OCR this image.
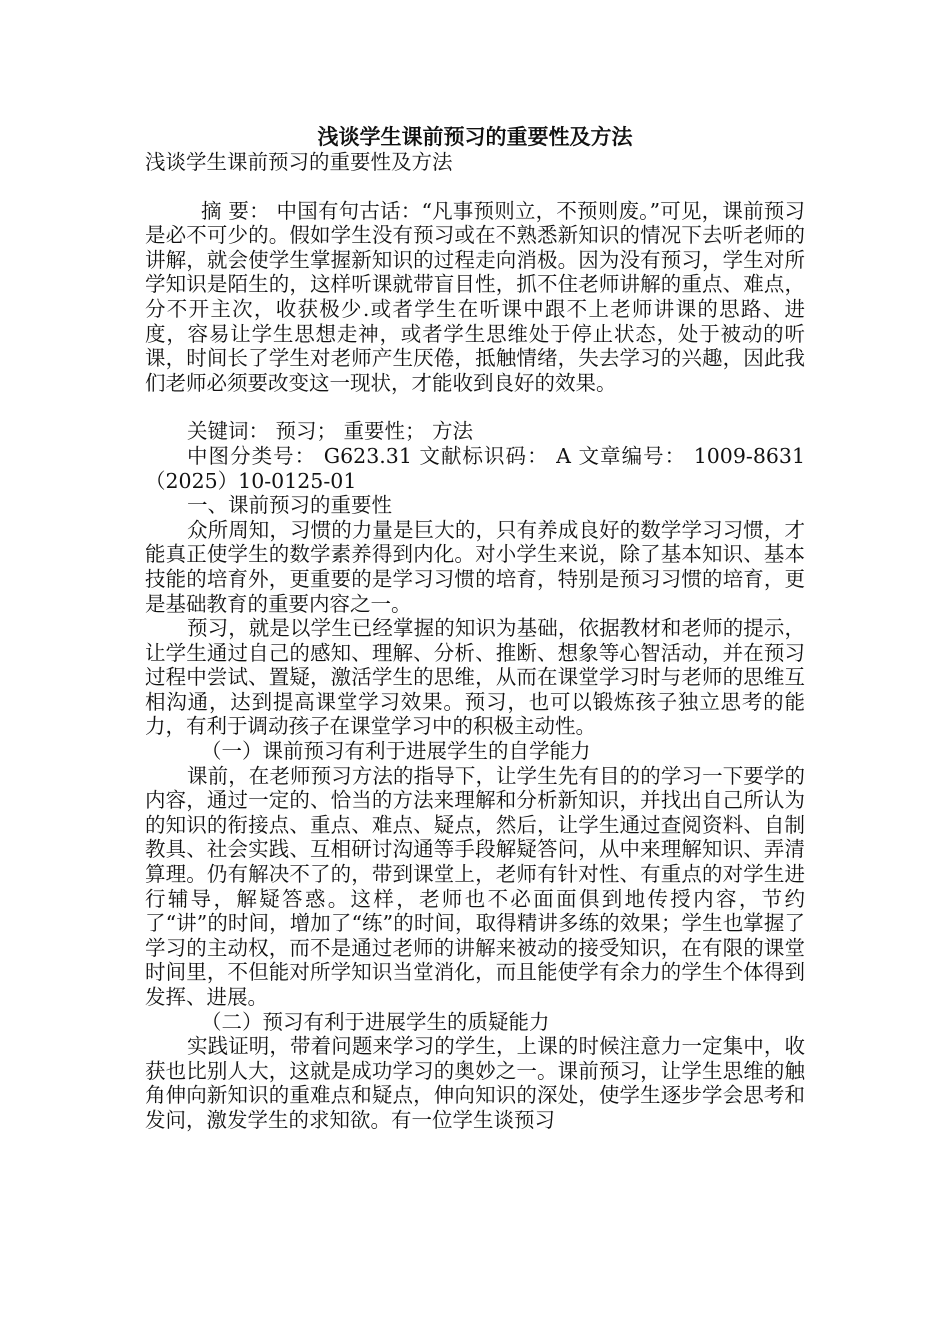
浅谈学生课前预习的重要性及方法

浅谈学生课前预习的重要性及方法

摘 要： 中国有句古话：“凡事预则立，不预则废。”可见，课前预习是必不可少的。假如学生没有预习或在不熟悉新知识的情况下去听老师的讲解，就会使学生掌握新知识的过程走向消极。因为没有预习，学生对所学知识是陌生的，这样听课就带盲目性，抓不住老师讲解的重点、难点，分不开主次，收获极少.或者学生在听课中跟不上老师讲课的思路、进度，容易让学生思想走神，或者学生思维处于停止状态，处于被动的听课，时间长了学生对老师产生厌倦，抵触情绪，失去学习的兴趣，因此我们老师必须要改变这一现状，才能收到良好的效果。

关键词： 预习； 重要性； 方法

中图分类号： G623.31 文献标识码： A 文章编号： 1009-8631（2025）10-0125-01

一、课前预习的重要性

众所周知，习惯的力量是巨大的，只有养成良好的数学学习习惯，才能真正使学生的数学素养得到内化。对小学生来说，除了基本知识、基本技能的培育外，更重要的是学习习惯的培育，特别是预习习惯的培育，更是基础教育的重要内容之一。

预习，就是以学生已经掌握的知识为基础，依据教材和老师的提示，让学生通过自己的感知、理解、分析、推断、想象等心智活动，并在预习过程中尝试、置疑，激活学生的思维，从而在课堂学习时与老师的思维互相沟通，达到提高课堂学习效果。预习，也可以锻炼孩子独立思考的能力，有利于调动孩子在课堂学习中的积极主动性。

（一）课前预习有利于进展学生的自学能力

课前，在老师预习方法的指导下，让学生先有目的的学习一下要学的内容，通过一定的、恰当的方法来理解和分析新知识，并找出自己所认为的知识的衔接点、重点、难点、疑点，然后，让学生通过查阅资料、自制教具、社会实践、互相研讨沟通等手段解疑答问，从中来理解知识、弄清算理。仍有解决不了的，带到课堂上，老师有针对性、有重点的对学生进行辅导，解疑答惑。这样，老师也不必面面俱到地传授内容，节约了“讲”的时间，增加了“练”的时间，取得精讲多练的效果；学生也掌握了学习的主动权，而不是通过老师的讲解来被动的接受知识，在有限的课堂时间里，不但能对所学知识当堂消化，而且能使学有余力的学生个体得到发挥、进展。

（二）预习有利于进展学生的质疑能力

实践证明，带着问题来学习的学生，上课的时候注意力一定集中，收获也比别人大，这就是成功学习的奥妙之一。课前预习，让学生思维的触角伸向新知识的重难点和疑点，伸向知识的深处，使学生逐步学会思考和发问，激发学生的求知欲。有一位学生谈预习
